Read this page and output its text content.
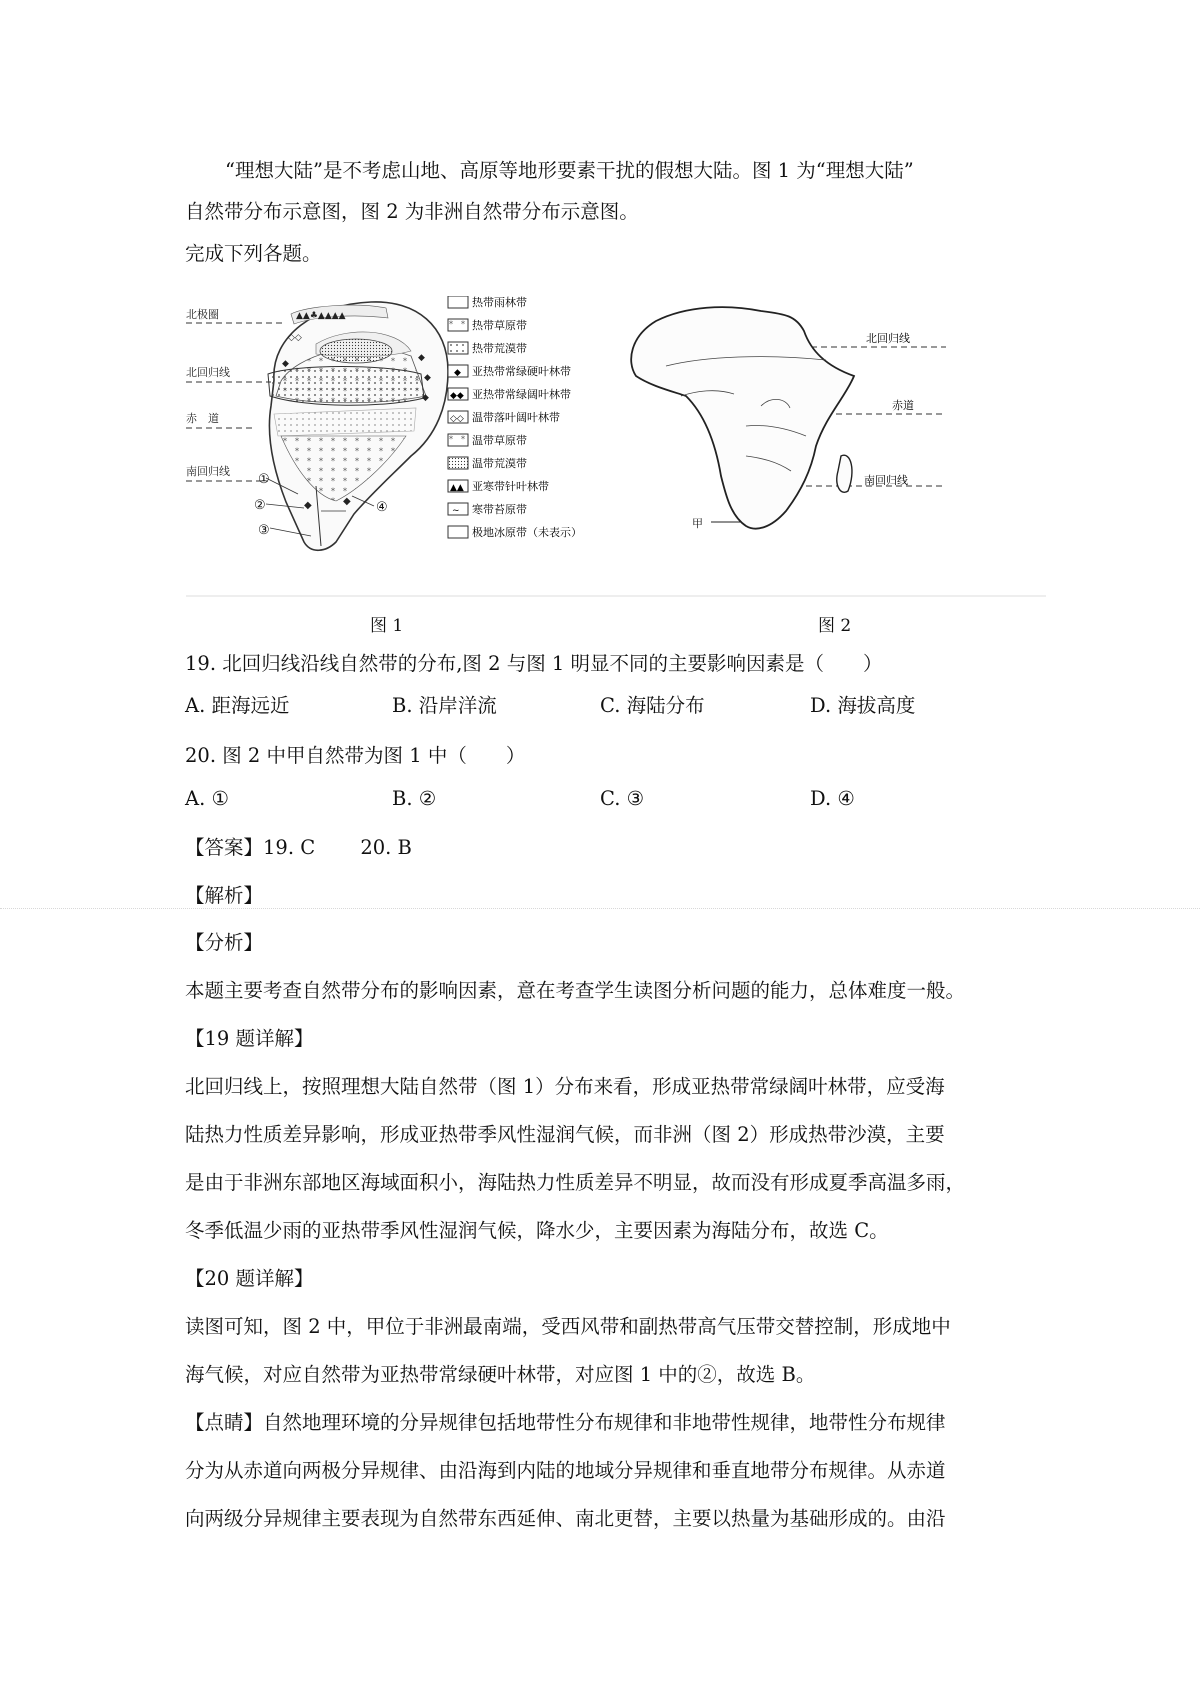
“理想大陆”是不考虑山地、高原等地形要素干扰的假想大陆。图 1 为“理想大陆”

自然带分布示意图，图 2 为非洲自然带分布示意图。

完成下列各题。

▲▲♣▲▲▲▲
◆
◆
◆
◆
◇◇
◆
◆
①
②
③
④
北极圈
北回归线
赤　道
南回归线
热带雨林带
热带草原带
热带荒漠带
◆ 亚热带常绿硬叶林带
◆◆ 亚热带常绿阔叶林带
◇◇ 温带落叶阔叶林带
温带草原带
温带荒漠带
▲▲ 亚寒带针叶林带
~ 寒带苔原带
极地冰原带（未表示）
甲
北回归线
赤道
南回归线
图 1	图 2
19. 北回归线沿线自然带的分布,图 2 与图 1 明显不同的主要影响因素是（　　）
A. 距海远近	B. 沿岸洋流	C. 海陆分布	D. 海拔高度
20. 图 2 中甲自然带为图 1 中（　　）
A. ①	B. ②	C. ③	D. ④
【答案】19. C　　 20. B
【解析】
【分析】
本题主要考查自然带分布的影响因素，意在考查学生读图分析问题的能力，总体难度一般。
【19 题详解】
北回归线上，按照理想大陆自然带（图 1）分布来看，形成亚热带常绿阔叶林带，应受海
陆热力性质差异影响，形成亚热带季风性湿润气候，而非洲（图 2）形成热带沙漠，主要
是由于非洲东部地区海域面积小，海陆热力性质差异不明显，故而没有形成夏季高温多雨，
冬季低温少雨的亚热带季风性湿润气候，降水少，主要因素为海陆分布，故选 C。
【20 题详解】
读图可知，图 2 中，甲位于非洲最南端，受西风带和副热带高气压带交替控制，形成地中
海气候，对应自然带为亚热带常绿硬叶林带，对应图 1 中的②，故选 B。
【点睛】自然地理环境的分异规律包括地带性分布规律和非地带性规律，地带性分布规律
分为从赤道向两极分异规律、由沿海到内陆的地域分异规律和垂直地带分布规律。从赤道
向两级分异规律主要表现为自然带东西延伸、南北更替，主要以热量为基础形成的。由沿
